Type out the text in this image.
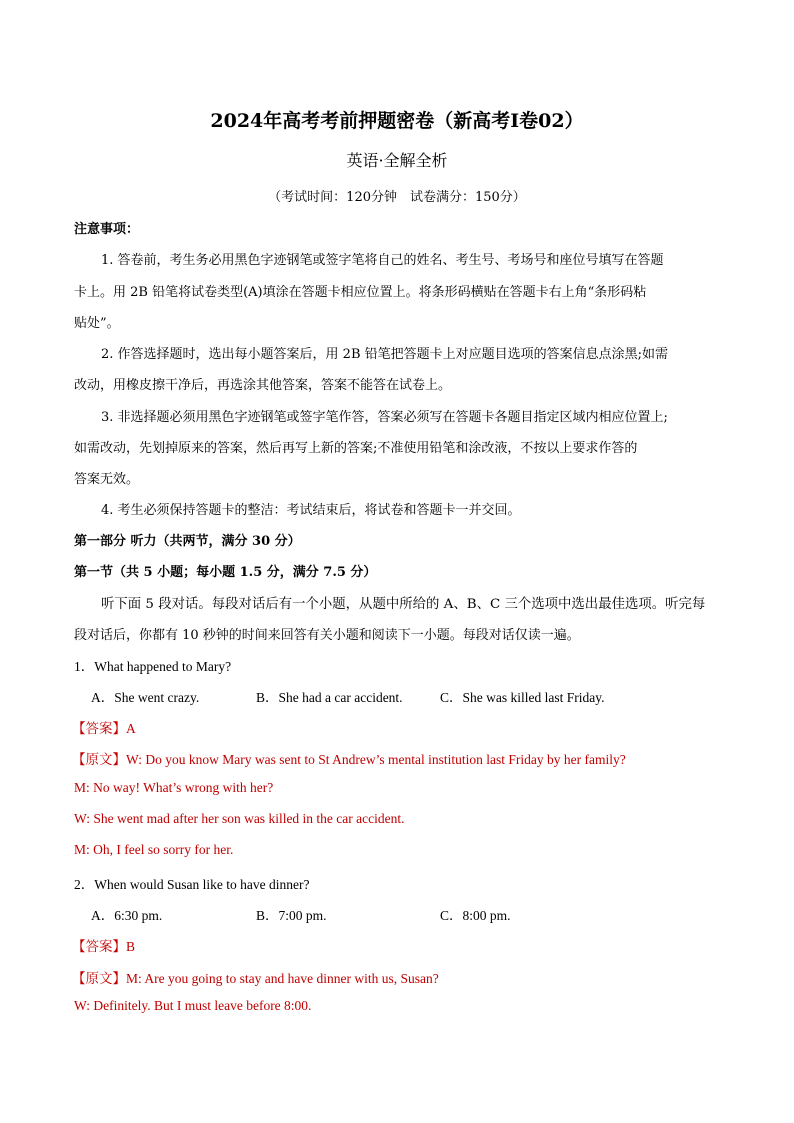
2024年高考考前押题密卷（新高考I卷02）
英语·全解全析
（考试时间：120分钟　试卷满分：150分）
注意事项：
1. 答卷前，考生务必用黑色字迹钢笔或签字笔将自己的姓名、考生号、考场号和座位号填写在答题
卡上。用 2B 铅笔将试卷类型(A)填涂在答题卡相应位置上。将条形码横贴在答题卡右上角“条形码粘
贴处”。
2. 作答选择题时，选出每小题答案后，用 2B 铅笔把答题卡上对应题目选项的答案信息点涂黑;如需
改动，用橡皮擦干净后，再选涂其他答案，答案不能答在试卷上。
3. 非选择题必须用黑色字迹钢笔或签字笔作答，答案必须写在答题卡各题目指定区域内相应位置上;
如需改动，先划掉原来的答案，然后再写上新的答案;不准使用铅笔和涂改液，不按以上要求作答的
答案无效。
4. 考生必须保持答题卡的整洁：考试结束后，将试卷和答题卡一并交回。
第一部分 听力（共两节，满分 30 分）
第一节（共 5 小题；每小题 1.5 分，满分 7.5 分）
听下面 5 段对话。每段对话后有一个小题，从题中所给的 A、B、C 三个选项中选出最佳选项。听完每
段对话后，你都有 10 秒钟的时间来回答有关小题和阅读下一小题。每段对话仅读一遍。
1．What happened to Mary?
A．She went crazy.	B．She had a car accident.	C．She was killed last Friday.
【答案】A
【原文】W: Do you know Mary was sent to St Andrew’s mental institution last Friday by her family?
M: No way! What’s wrong with her?
W: She went mad after her son was killed in the car accident.
M: Oh, I feel so sorry for her.
2．When would Susan like to have dinner?
A．6:30 pm.	B．7:00 pm.	C．8:00 pm.
【答案】B
【原文】M: Are you going to stay and have dinner with us, Susan?
W: Definitely. But I must leave before 8:00.
